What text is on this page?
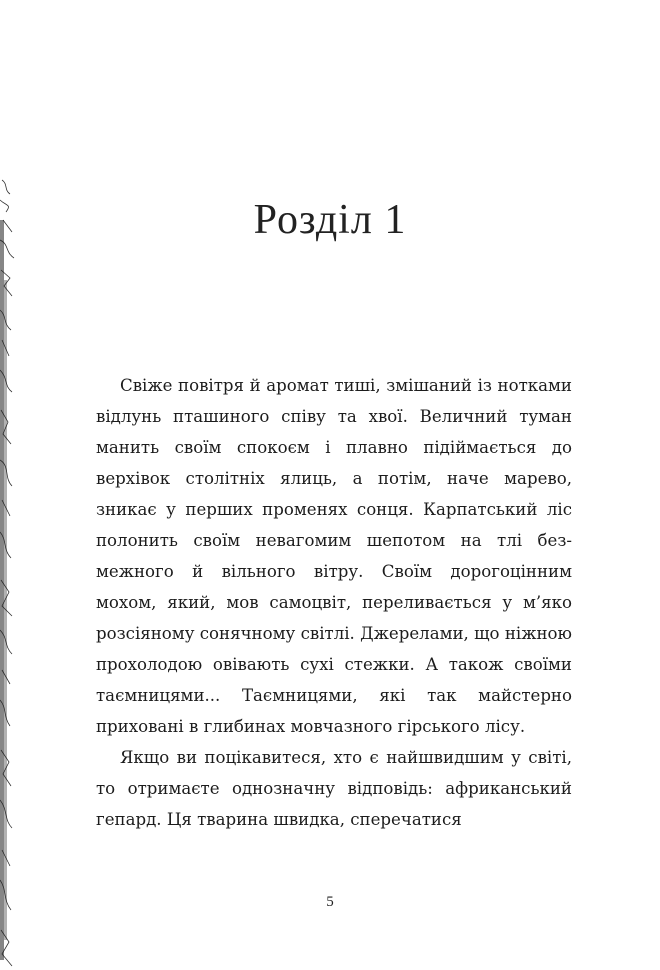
Розділ 1

Свіже повітря й аромат тиші, змішаний із нотками відлунь пташиного співу та хвої. Величний туман манить своїм спокоєм і плавно підіймається до верхівок столітніх ялиць, а потім, наче марево, зникає у перших променях сонця. Карпатський ліс полонить своїм невагомим шепотом на тлі безмежного й вільного вітру. Своїм дорогоцінним мохом, який, мов самоцвіт, переливається у м’яко розсіяному сонячному світлі. Джерелами, що ніжною прохолодою овівають сухі стежки. А також своїми таємницями... Таємницями, які так майстерно приховані в глибинах мовчазного гірського лісу.

Якщо ви поцікавитеся, хто є найшвидшим у світі, то отримаєте однозначну відповідь: африканський гепард. Ця тварина швидка, сперечатися

5
